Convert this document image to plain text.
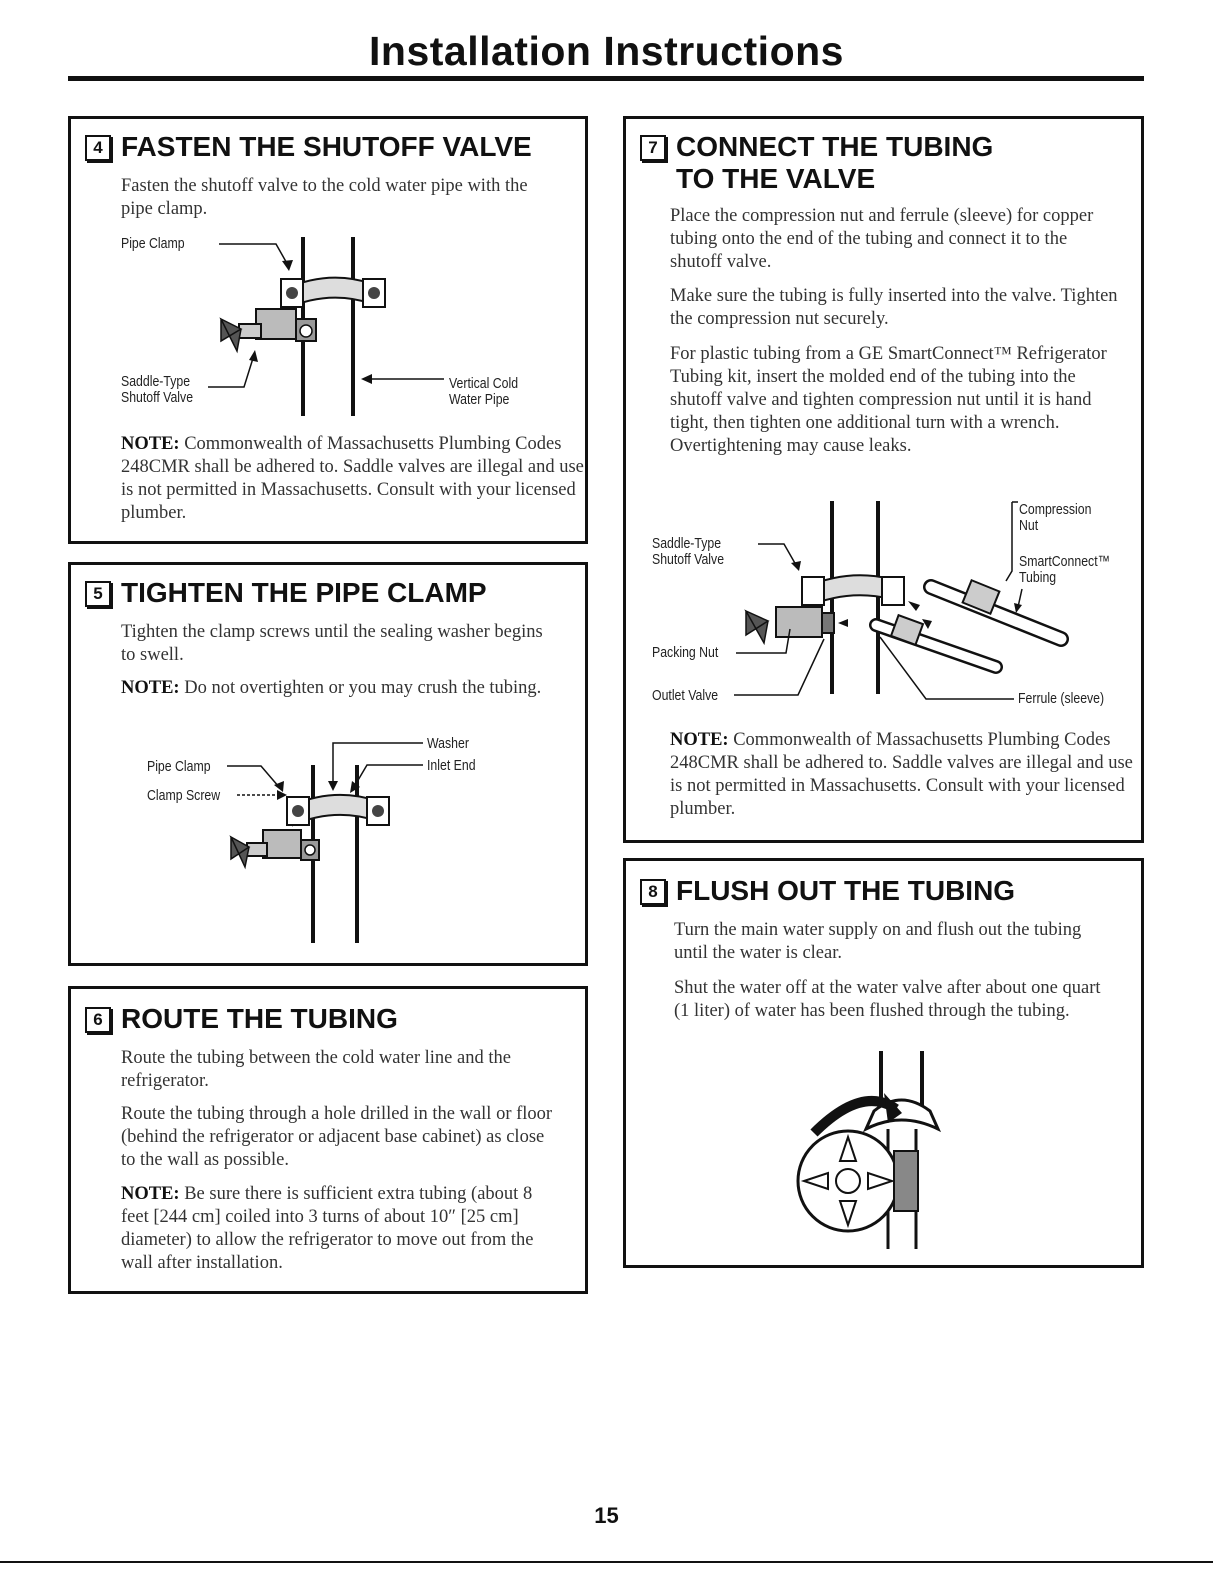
Installation Instructions
4 FASTEN THE SHUTOFF VALVE

Fasten the shutoff valve to the cold water pipe with the pipe clamp.

Pipe Clamp
Saddle-Type
Shutoff Valve
Vertical Cold
Water Pipe

NOTE: Commonwealth of Massachusetts Plumbing Codes 248CMR shall be adhered to. Saddle valves are illegal and use is not permitted in Massachusetts. Consult with your licensed plumber.

5 TIGHTEN THE PIPE CLAMP

Tighten the clamp screws until the sealing washer begins to swell.

NOTE: Do not overtighten or you may crush the tubing.

Washer
Inlet End
Pipe Clamp
Clamp Screw
6 ROUTE THE TUBING

Route the tubing between the cold water line and the refrigerator.

Route the tubing through a hole drilled in the wall or floor (behind the refrigerator or adjacent base cabinet) as close to the wall as possible.

NOTE: Be sure there is sufficient extra tubing (about 8 feet [244 cm] coiled into 3 turns of about 10″ [25 cm] diameter) to allow the refrigerator to move out from the wall after installation.

7 CONNECT THE TUBING
TO THE VALVE

Place the compression nut and ferrule (sleeve) for copper tubing onto the end of the tubing and connect it to the shutoff valve.

Make sure the tubing is fully inserted into the valve. Tighten the compression nut securely.

For plastic tubing from a GE SmartConnect™ Refrigerator Tubing kit, insert the molded end of the tubing into the shutoff valve and tighten compression nut until it is hand tight, then tighten one additional turn with a wrench. Overtightening may cause leaks.

Compression
Nut
SmartConnect™
Tubing
Saddle-Type
Shutoff Valve
Packing Nut
Outlet Valve	Ferrule (sleeve)

NOTE: Commonwealth of Massachusetts Plumbing Codes 248CMR shall be adhered to. Saddle valves are illegal and use is not permitted in Massachusetts. Consult with your licensed plumber.

8 FLUSH OUT THE TUBING

Turn the main water supply on and flush out the tubing until the water is clear.

Shut the water off at the water valve after about one quart (1 liter) of water has been flushed through the tubing.

15
